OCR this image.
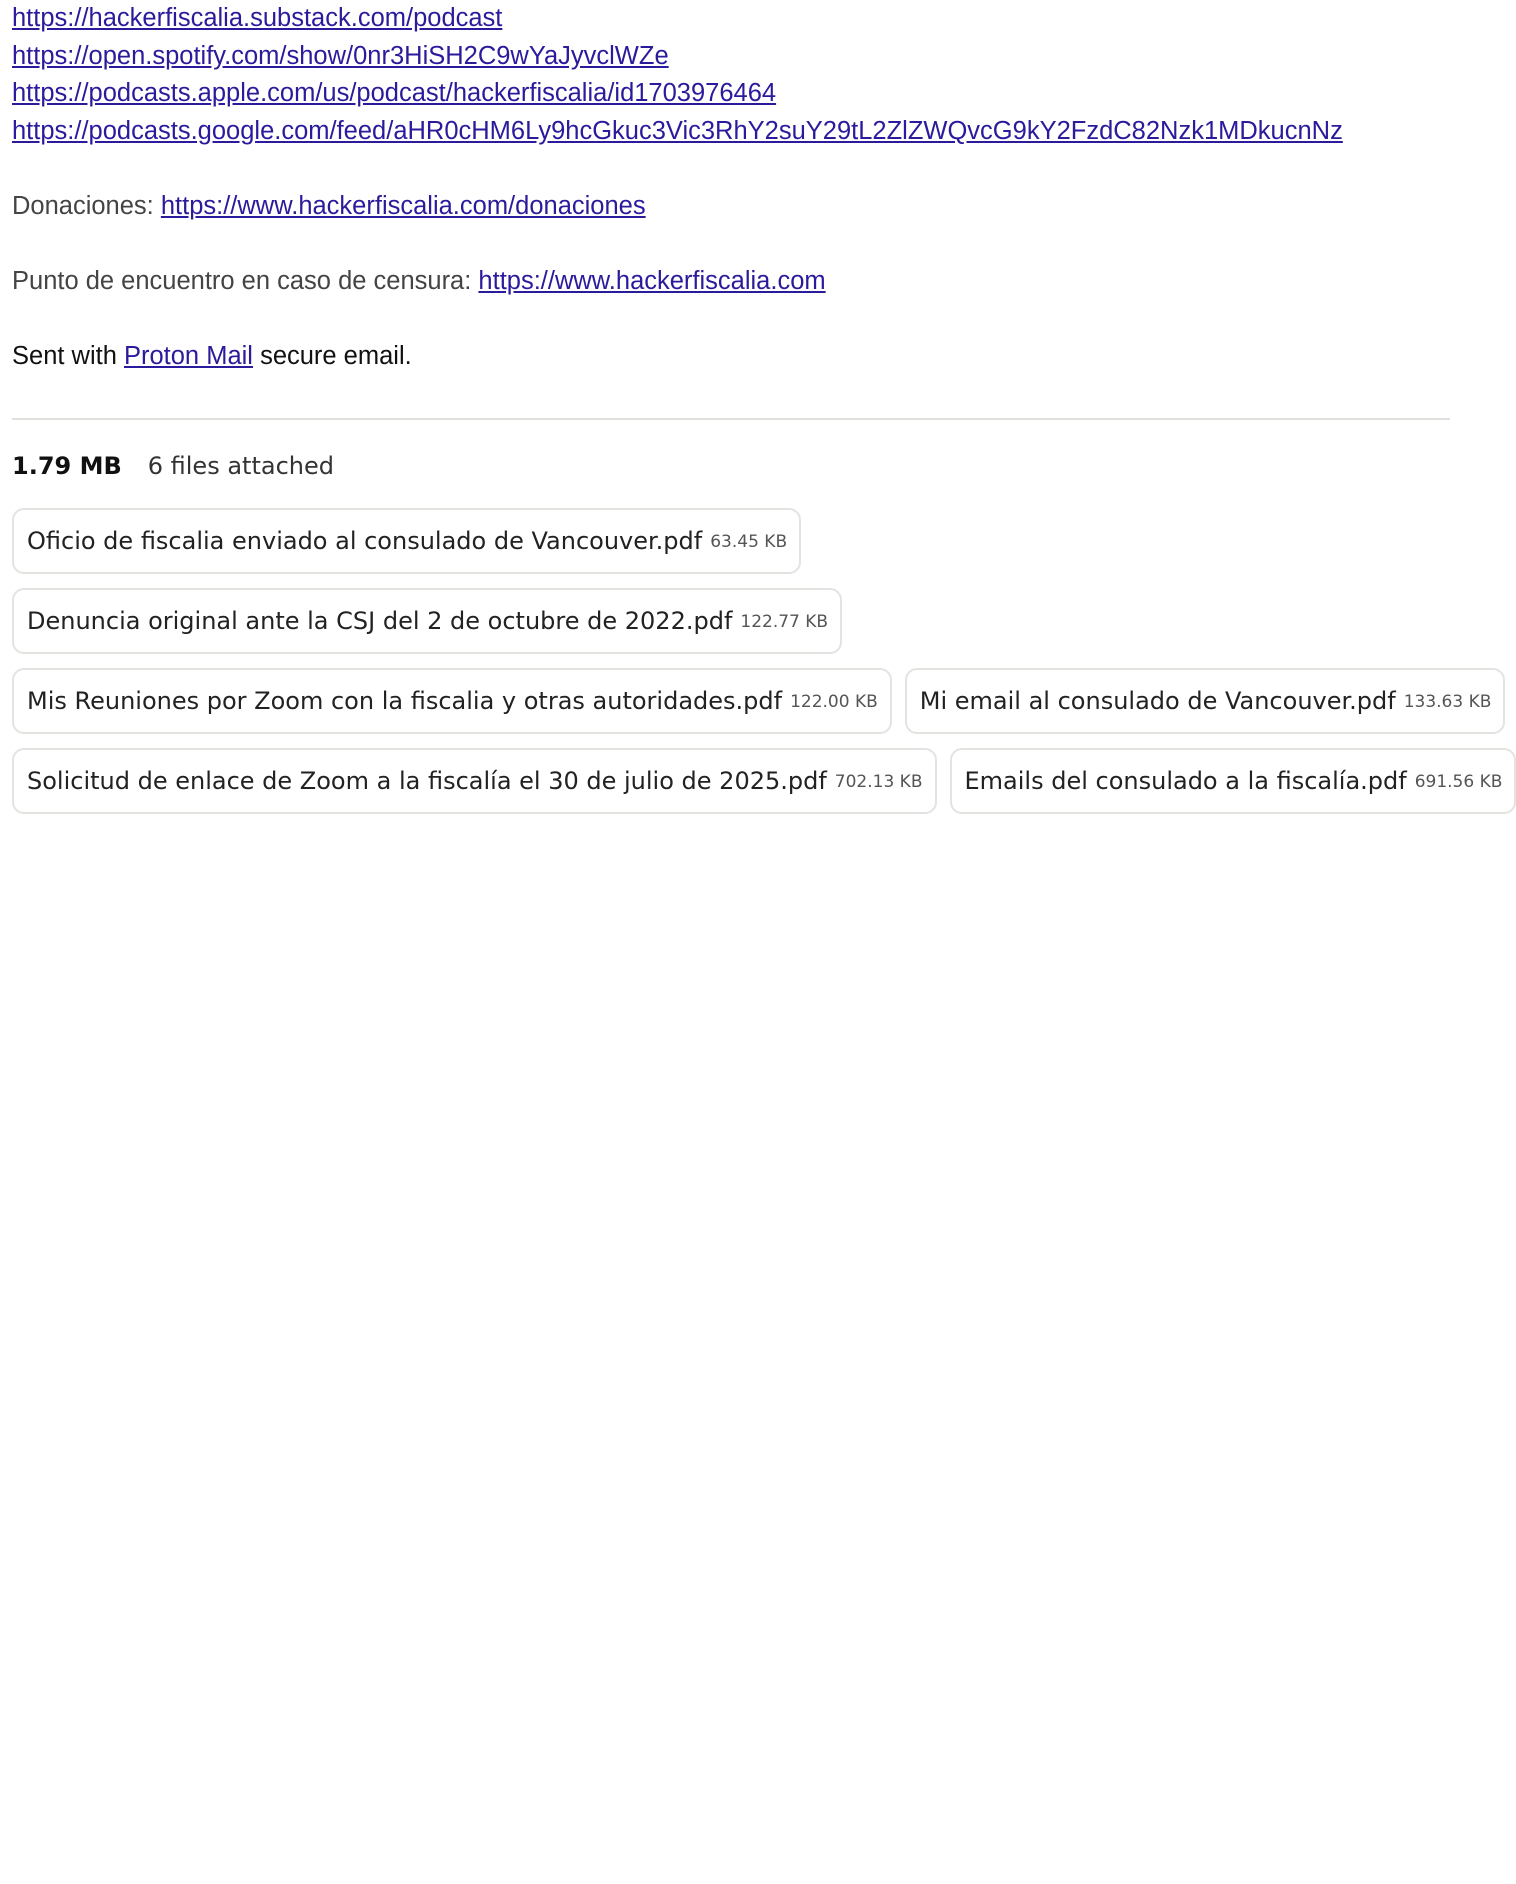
https://hackerfiscalia.substack.com/podcast
https://open.spotify.com/show/0nr3HiSH2C9wYaJyvclWZe
https://podcasts.apple.com/us/podcast/hackerfiscalia/id1703976464
https://podcasts.google.com/feed/aHR0cHM6Ly9hcGkuc3Vic3RhY2suY29tL2ZlZWQvcG9kY2FzdC82Nzk1MDkucnNz
Donaciones: https://www.hackerfiscalia.com/donaciones
Punto de encuentro en caso de censura: https://www.hackerfiscalia.com
Sent with Proton Mail secure email.
1.79 MB 6 files attached
Oficio de fiscalia enviado al consulado de Vancouver.pdf 63.45 KB
Denuncia original ante la CSJ del 2 de octubre de 2022.pdf 122.77 KB
Mis Reuniones por Zoom con la fiscalia y otras autoridades.pdf 122.00 KB Mi email al consulado de Vancouver.pdf 133.63 KB
Solicitud de enlace de Zoom a la fiscalía el 30 de julio de 2025.pdf 702.13 KB Emails del consulado a la fiscalía.pdf 691.56 KB
